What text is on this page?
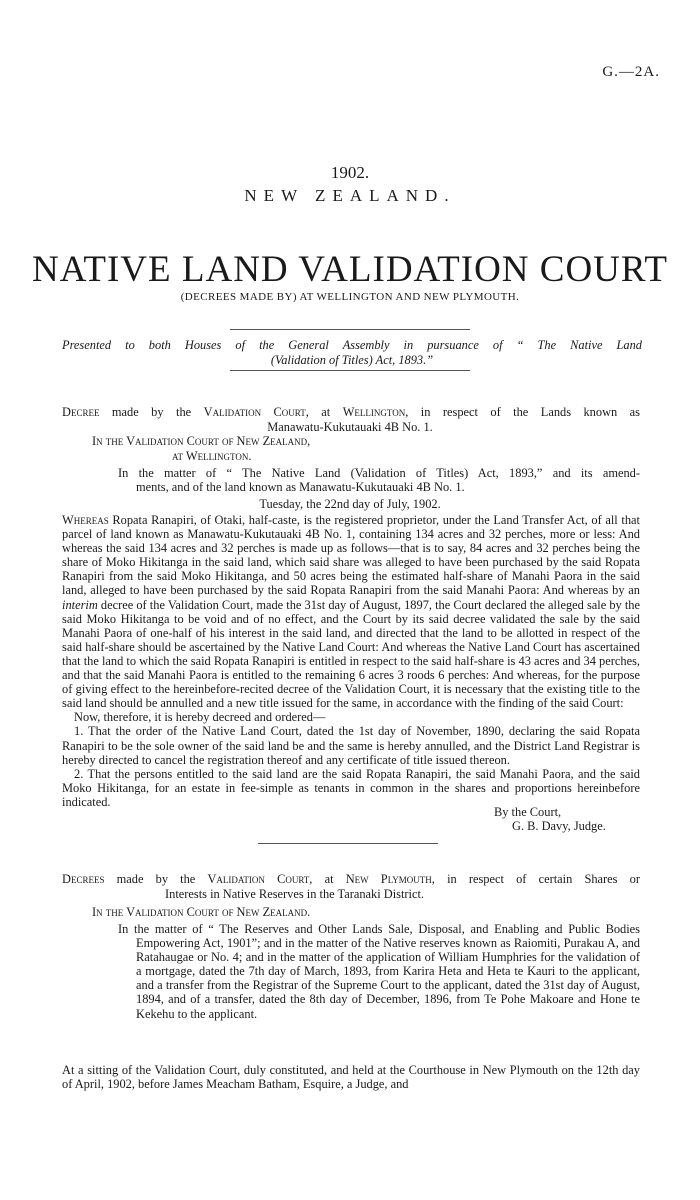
G.—2A.
1902.
NEW ZEALAND.
NATIVE LAND VALIDATION COURT
(DECREES MADE BY) AT WELLINGTON AND NEW PLYMOUTH.
Presented to both Houses of the General Assembly in pursuance of “ The Native Land
(Validation of Titles) Act, 1893.”
Decree made by the Validation Court, at Wellington, in respect of the Lands known as
Manawatu-Kukutauaki 4B No. 1.
In the Validation Court of New Zealand,
at Wellington.
In the matter of “ The Native Land (Validation of Titles) Act, 1893,” and its amend-
ments, and of the land known as Manawatu-Kukutauaki 4B No. 1.
Tuesday, the 22nd day of July, 1902.

Whereas Ropata Ranapiri, of Otaki, half-caste, is the registered proprietor, under the Land Transfer Act, of all that parcel of land known as Manawatu-Kukutauaki 4B No. 1, containing 134 acres and 32 perches, more or less: And whereas the said 134 acres and 32 perches is made up as follows—that is to say, 84 acres and 32 perches being the share of Moko Hikitanga in the said land, which said share was alleged to have been purchased by the said Ropata Ranapiri from the said Moko Hikitanga, and 50 acres being the estimated half-share of Manahi Paora in the said land, alleged to have been purchased by the said Ropata Ranapiri from the said Manahi Paora: And whereas by an interim decree of the Validation Court, made the 31st day of August, 1897, the Court declared the alleged sale by the said Moko Hikitanga to be void and of no effect, and the Court by its said decree validated the sale by the said Manahi Paora of one-half of his interest in the said land, and directed that the land to be allotted in respect of the said half-share should be ascertained by the Native Land Court: And whereas the Native Land Court has ascertained that the land to which the said Ropata Ranapiri is entitled in respect to the said half-share is 43 acres and 34 perches, and that the said Manahi Paora is entitled to the remaining 6 acres 3 roods 6 perches: And whereas, for the purpose of giving effect to the hereinbefore-recited decree of the Validation Court, it is necessary that the existing title to the said land should be annulled and a new title issued for the same, in accordance with the finding of the said Court:

Now, therefore, it is hereby decreed and ordered—

1. That the order of the Native Land Court, dated the 1st day of November, 1890, declaring the said Ropata Ranapiri to be the sole owner of the said land be and the same is hereby annulled, and the District Land Registrar is hereby directed to cancel the registration thereof and any certificate of title issued thereon.

2. That the persons entitled to the said land are the said Ropata Ranapiri, the said Manahi Paora, and the said Moko Hikitanga, for an estate in fee-simple as tenants in common in the shares and proportions hereinbefore indicated.

By the Court,
G. B. Davy, Judge.
Decrees made by the Validation Court, at New Plymouth, in respect of certain Shares or
Interests in Native Reserves in the Taranaki District.
In the Validation Court of New Zealand.
In the matter of “ The Reserves and Other Lands Sale, Disposal, and Enabling and Public Bodies Empowering Act, 1901”; and in the matter of the Native reserves known as Raiomiti, Purakau A, and Ratahaugae or No. 4; and in the matter of the application of William Humphries for the validation of a mortgage, dated the 7th day of March, 1893, from Karira Heta and Heta te Kauri to the applicant, and a transfer from the Registrar of the Supreme Court to the applicant, dated the 31st day of August, 1894, and of a transfer, dated the 8th day of December, 1896, from Te Pohe Makoare and Hone te Kekehu to the applicant.
At a sitting of the Validation Court, duly constituted, and held at the Courthouse in New Plymouth on the 12th day of April, 1902, before James Meacham Batham, Esquire, a Judge, and
